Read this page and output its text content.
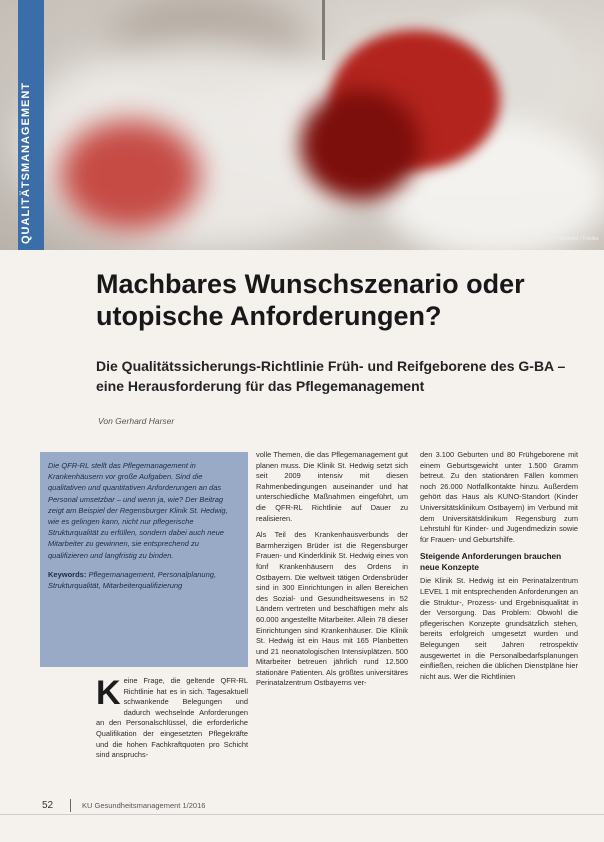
Foto: Treblander / Fotolia
QUALITÄTSMANAGEMENT
Machbares Wunschszenario oder utopische Anforderungen?
Die Qualitätssicherungs-Richtlinie Früh- und Reifgeborene des G-BA – eine Herausforderung für das Pflegemanagement

Von Gerhard Harser

Die QFR-RL stellt das Pflegemanagement in Krankenhäusern vor große Aufgaben. Sind die qualitativen und quantitativen Anforderungen an das Personal umsetzbar – und wenn ja, wie? Der Beitrag zeigt am Beispiel der Regensburger Klinik St. Hedwig, wie es gelingen kann, nicht nur pflegerische Strukturqualität zu erfüllen, sondern dabei auch neue Mitarbeiter zu gewinnen, sie entsprechend zu qualifizieren und langfristig zu binden.

Keywords: Pflegemanagement, Personalplanung, Strukturqualität, Mitarbeiterqualifizierung

Keine Frage, die geltende QFR-RL Richtlinie hat es in sich. Tagesaktuell schwankende Belegungen und dadurch wechselnde Anforderungen an den Personalschlüssel, die erforderliche Qualifikation der eingesetzten Pflegekräfte und die hohen Fachkraftquoten pro Schicht sind anspruchs-

volle Themen, die das Pflegemanagement gut planen muss. Die Klinik St. Hedwig setzt sich seit 2009 intensiv mit diesen Rahmenbedingungen auseinander und hat unterschiedliche Maßnahmen eingeführt, um die QFR-RL Richtlinie auf Dauer zu realisieren.

Als Teil des Krankenhausverbunds der Barmherzigen Brüder ist die Regensburger Frauen- und Kinderklinik St. Hedwig eines von fünf Krankenhäusern des Ordens in Ostbayern. Die weltweit tätigen Ordensbrüder sind in 300 Einrichtungen in allen Bereichen des Sozial- und Gesundheitswesens in 52 Ländern vertreten und beschäftigen mehr als 60.000 angestellte Mitarbeiter. Allein 78 dieser Einrichtungen sind Krankenhäuser. Die Klinik St. Hedwig ist ein Haus mit 165 Planbetten und 21 neonatologischen Intensivplätzen. 500 Mitarbeiter betreuen jährlich rund 12.500 stationäre Patienten. Als größtes universitäres Perinatalzentrum Ostbayerns ver-

den 3.100 Geburten und 80 Frühgeborene mit einem Geburtsgewicht unter 1.500 Gramm betreut. Zu den stationären Fällen kommen noch 26.000 Notfallkontakte hinzu. Außerdem gehört das Haus als KUNO-Standort (Kinder Universitätsklinikum Ostbayern) im Verbund mit dem Universitätsklinikum Regensburg zum Lehrstuhl für Kinder- und Jugendmedizin sowie für Frauen- und Geburtshilfe.

Steigende Anforderungen brauchen neue Konzepte

Die Klinik St. Hedwig ist ein Perinatalzentrum LEVEL 1 mit entsprechenden Anforderungen an die Struktur-, Prozess- und Ergebnisqualität in der Versorgung. Das Problem: Obwohl die pflegerischen Konzepte grundsätzlich stehen, bereits erfolgreich umgesetzt wurden und Belegungen seit Jahren retrospektiv ausgewertet in die Personalbedarfsplanungen einfließen, reichen die üblichen Dienstpläne hier nicht aus. Wer die Richtlinien

52	KU Gesundheitsmanagement 1/2016
